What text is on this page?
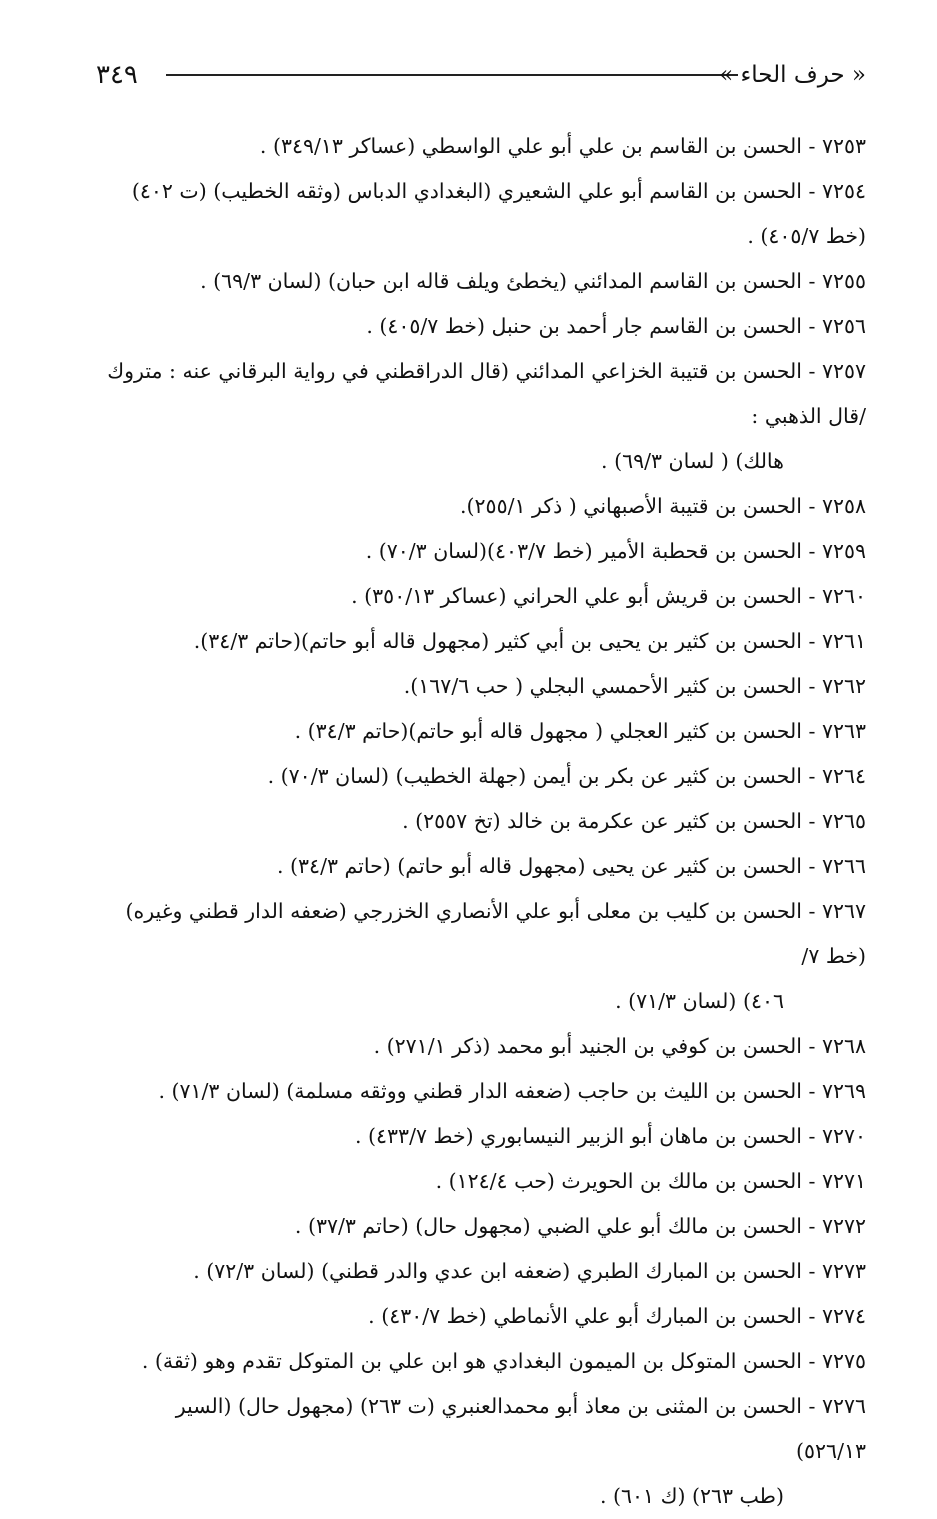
٣٤٩	« حرف الحاء »
٧٢٥٣ - الحسن بن القاسم بن علي أبو علي الواسطي (عساكر ٣٤٩/١٣) .
٧٢٥٤ - الحسن بن القاسم أبو علي الشعيري (البغدادي الدباس (وثقه الخطيب) (ت ٤٠٢) (خط ٤٠٥/٧) .
٧٢٥٥ - الحسن بن القاسم المدائني (يخطئ ويلف قاله ابن حبان) (لسان ٦٩/٣) .
٧٢٥٦ - الحسن بن القاسم جار أحمد بن حنبل (خط ٤٠٥/٧) .
٧٢٥٧ - الحسن بن قتيبة الخزاعي المدائني (قال الدراقطني في رواية البرقاني عنه : متروك /قال الذهبي :
هالك) ( لسان ٦٩/٣) .
٧٢٥٨ - الحسن بن قتيبة الأصبهاني ( ذكر ٢٥٥/١).
٧٢٥٩ - الحسن بن قحطبة الأمير (خط ٤٠٣/٧)(لسان ٧٠/٣) .
٧٢٦٠ - الحسن بن قريش أبو علي الحراني (عساكر ٣٥٠/١٣) .
٧٢٦١ - الحسن بن كثير بن يحيى بن أبي كثير (مجهول قاله أبو حاتم)(حاتم ٣٤/٣).
٧٢٦٢ - الحسن بن كثير الأحمسي البجلي ( حب ١٦٧/٦).
٧٢٦٣ - الحسن بن كثير العجلي ( مجهول قاله أبو حاتم)(حاتم ٣٤/٣) .
٧٢٦٤ - الحسن بن كثير عن بكر بن أيمن (جهلة الخطيب) (لسان ٧٠/٣) .
٧٢٦٥ - الحسن بن كثير عن عكرمة بن خالد (تخ ٢٥٥٧) .
٧٢٦٦ - الحسن بن كثير عن يحيى (مجهول قاله أبو حاتم) (حاتم ٣٤/٣) .
٧٢٦٧ - الحسن بن كليب بن معلى أبو علي الأنصاري الخزرجي (ضعفه الدار قطني وغيره) (خط ٧/
٤٠٦) (لسان ٧١/٣) .
٧٢٦٨ - الحسن بن كوفي بن الجنيد أبو محمد (ذكر ٢٧١/١) .
٧٢٦٩ - الحسن بن الليث بن حاجب (ضعفه الدار قطني ووثقه مسلمة) (لسان ٧١/٣) .
٧٢٧٠ - الحسن بن ماهان أبو الزبير النيسابوري (خط ٤٣٣/٧) .
٧٢٧١ - الحسن بن مالك بن الحويرث (حب ١٢٤/٤) .
٧٢٧٢ - الحسن بن مالك أبو علي الضبي (مجهول حال) (حاتم ٣٧/٣) .
٧٢٧٣ - الحسن بن المبارك الطبري (ضعفه ابن عدي والدر قطني) (لسان ٧٢/٣) .
٧٢٧٤ - الحسن بن المبارك أبو علي الأنماطي (خط ٤٣٠/٧) .
٧٢٧٥ - الحسن المتوكل بن الميمون البغدادي هو ابن علي بن المتوكل تقدم وهو (ثقة) .
٧٢٧٦ - الحسن بن المثنى بن معاذ أبو محمدالعنبري (ت ٢٦٣) (مجهول حال) (السير ٥٢٦/١٣)
(طب ٢٦٣) (ك ٦٠١) .
